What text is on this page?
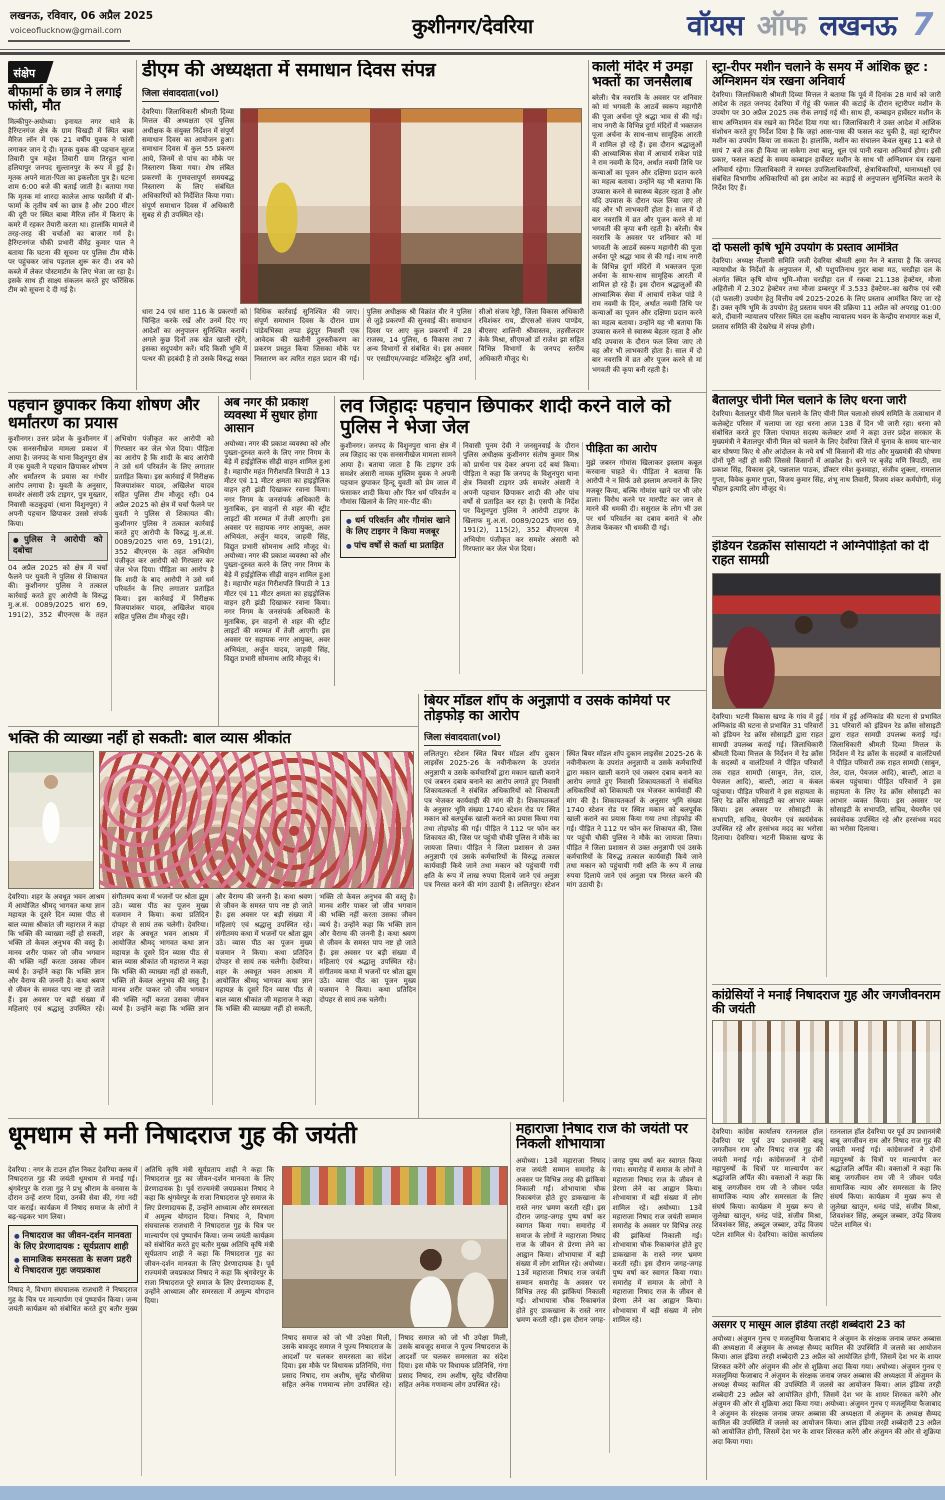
लखनऊ, रविवार, 06 अप्रैल 2025
voiceoflucknow@gmail.com	कुशीनगर/देवरिया	वॉयस ऑफ लखनऊ 7
संक्षेप
बीफार्मा के छात्र ने लगाई फांसी, मौत
मिल्कीपुर-अयोध्या। इनायत नगर थाने के हैरिंग्टनगंज क्षेत्र के ग्राम चिखड़ी में स्थित बाबा मैरिज लॉन में एक 21 वर्षीय युवक ने फांसी लगाकर जान दे दी। मृतक युवक की पहचान सूरज तिवारी पुत्र महेश तिवारी ग्राम तिरहुत थाना हलियापुर जनपद सुल्तानपुर के रूप में हुई है। मृतक अपने माता-पिता का इकलौता पुत्र है। घटना शाम 6:00 बजे की बताई जाती है। बताया गया कि मृतक मां शारदा कालेज आफ फार्मेसी में बी-फार्मा के तृतीय वर्ष का छात्र है और 200 मीटर की दूरी पर स्थित बाबा मैरिज लॉन में किराए के कमरे में रहकर तैयारी करता था। हालांकि मामले में तरह-तरह की चर्चाओं का बाजार गर्म है। हैरिंग्टनगंज चौकी प्रभारी वीरेंद्र कुमार पाल ने बताया कि घटना की सूचना पर पुलिस टीम मौके पर पहुंचकर जांच पड़ताल शुरू कर दी। शव को कब्जे में लेकर पोस्टमार्टम के लिए भेजा जा रहा है। इसके साथ ही साक्ष्य संकलन करते हुए फॉरेंसिक टीम को सूचना दे दी गई है।
डीएम की अध्यक्षता में समाधान दिवस संपन्न
जिला संवाददाता(vol)
देवरिया। जिलाधिकारी श्रीमती दिव्या मित्तल की अध्यक्षता एवं पुलिस अधीक्षक के संयुक्त निर्देशन में संपूर्ण समाधान दिवस का आयोजन हुआ। समाधान दिवस में कुल 55 प्रकरण आये, जिनमें से पांच का मौके पर निस्तारण किया गया। शेष लंबित प्रकरणों के गुणवत्तापूर्ण समयबद्ध निस्तारण के लिए संबंधित अधिकारियों को निर्देशित किया गया। संपूर्ण समाधान दिवस में अधिकारी सुबह से ही उपस्थित रहे।
धारा 24 एवं धारा 116 के प्रकरणों को चिन्हित करके रखें और उनमें दिए गए आदेशों का अनुपालन सुनिश्चित करायें। अगले कुछ दिनों तक खेत खाली रहेंगे, इसका सदुपयोग करें। यदि किसी भूमि में पत्थर की हदबंदी है तो उसके विरुद्ध सख्त विधिक कार्रवाई सुनिश्चित की जाए। संपूर्ण समाधान दिवस के दौरान ग्राम पांडेयभिस्वा तप्पा इंदुपुर निवासी एक आवेदक की खतौनी दुरुस्तीकरण का प्रकरण प्रस्तुत किया जिसका मौके पर निस्तारण कर त्वरित राहत प्रदान की गई। पुलिस अधीक्षक श्री विक्रांत वीर ने पुलिस से जुड़े प्रकरणों की सुनवाई की। समाधान दिवस पर आए कुल प्रकरणों में 28 राजस्व, 14 पुलिस, 6 विकास तथा 7 अन्य विभागों से संबंधित थे। इस अवसर पर एसडीएम/ज्वाइंट मजिस्ट्रेट श्रुति शर्मा, सीओ संजय रेड्डी, जिला विकास अधिकारी रविशंकर राय, डीएसओ संजय पाण्डेय, बीएसए शालिनी श्रीवास्तव, तहसीलदार केके मिश्रा, सीएमओ डॉ राजेश झा सहित विभिन्न विभागों के जनपद स्तरीय अधिकारी मौजूद थे।
काली मंदिर में उमड़ा भक्तों का जनसैलाब
बरेली। चैत्र नवरात्रि के अवसर पर शनिवार को मां भगवती के आठवें स्वरूप महागौरी की पूजा अर्चना पूरे श्रद्धा भाव से की गई। नाथ नगरी के विभिन्न दुर्गा मंदिरों में भक्तजन पूजा अर्चना के साथ-साथ सामूहिक आरती में शामिल हो रहे हैं। इस दौरान श्रद्धालुओं की आध्यात्मिक सेवा में आचार्य राकेश पांडे ने राम नवमी के दिन, अर्थात नवमी तिथि पर कन्याओं का पूजन और दक्षिणा प्रदान करने का महत्व बताया। उन्होंने यह भी बताया कि उपवास करने से स्वास्थ्य बेहतर रहता है और यदि उपवास के दौरान फल लिया जाए तो वह और भी लाभकारी होता है। साल में दो बार नवरात्रि में व्रत और पूजन करने से मां भगवती की कृपा बनी रहती है। बरेली। चैत्र नवरात्रि के अवसर पर शनिवार को मां भगवती के आठवें स्वरूप महागौरी की पूजा अर्चना पूरे श्रद्धा भाव से की गई। नाथ नगरी के विभिन्न दुर्गा मंदिरों में भक्तजन पूजा अर्चना के साथ-साथ सामूहिक आरती में शामिल हो रहे हैं। इस दौरान श्रद्धालुओं की आध्यात्मिक सेवा में आचार्य राकेश पांडे ने राम नवमी के दिन, अर्थात नवमी तिथि पर कन्याओं का पूजन और दक्षिणा प्रदान करने का महत्व बताया। उन्होंने यह भी बताया कि उपवास करने से स्वास्थ्य बेहतर रहता है और यदि उपवास के दौरान फल लिया जाए तो वह और भी लाभकारी होता है। साल में दो बार नवरात्रि में व्रत और पूजन करने से मां भगवती की कृपा बनी रहती है।
स्ट्रा-रीपर मशीन चलाने के समय में आंशिक छूट : अग्निशमन यंत्र रखना अनिवार्य
देवरिया। जिलाधिकारी श्रीमती दिव्या मित्तल ने बताया कि पूर्व में दिनांक 28 मार्च को जारी आदेश के तहत जनपद देवरिया में गेहूं की फसल की कटाई के दौरान स्ट्रारीपर मशीन के उपयोग पर 30 अप्रैल 2025 तक रोक लगाई गई थी। साथ ही, कम्बाइन हार्वेस्टर मशीन के साथ अग्निशमन यंत्र रखने का निर्देश दिया गया था। जिलाधिकारी ने उक्त आदेश में आंशिक संशोधन करते हुए निर्देश दिया है कि जहां आस-पास की फसल कट चुकी है, वहां स्ट्रारीपर मशीन का उपयोग किया जा सकता है। हालांकि, मशीन का संचालन केवल सुबह 11 बजे से सायं 7 बजे तक ही किया जा सकेगा तथा बालू, धूल एवं पानी रखना अनिवार्य होगा। इसी प्रकार, फसल कटाई के समय कम्बाइन हार्वेस्टर मशीन के साथ भी अग्निशमन यंत्र रखना अनिवार्य रहेगा। जिलाधिकारी ने समस्त उपजिलाधिकारियों, क्षेत्राधिकारियों, थानाध्यक्षों एवं संबंधित विभागीय अधिकारियों को इस आदेश का कड़ाई से अनुपालन सुनिश्चित कराने के निर्देश दिए हैं।
दो फसली कृषि भूमि उपयोग के प्रस्ताव आमंत्रित
देवरिया। अध्यक्ष नीलामी समिति जजी देवरिया श्रीमती क्षमा नैन ने बताया है कि जनपद न्यायाधीश के निर्देशों के अनुपालन में, श्री पशुपतिनाथ गुदर बाबा मठ, चरडीहा दल के अंतर्गत स्थित कृषि योग्य भूमि–मौजा चरडीहा दल में रकबा 21.138 हेक्टेयर, मौजा अहिरौली में 2.302 हेक्टेयर तथा मौजा डम्बरपुर में 3.533 हेक्टेयर–का खरीफ एवं रबी (दो फसली) उपयोग हेतु वित्तीय वर्ष 2025-2026 के लिए प्रस्ताव आमंत्रित किए जा रहे हैं। उक्त कृषि भूमि के उपयोग हेतु प्रस्ताव चयन की प्रक्रिया 11 अप्रैल को अपराह्न 01:00 बजे, दीवानी न्यायालय परिसर स्थित दस कक्षीय न्यायालय भवन के केन्द्रीय सभागार कक्ष में, प्रस्ताव समिति की देखरेख में संपन्न होगी।
बैतालपुर चीनी मिल चलाने के लिए धरना जारी
देवरिया। बैतालपुर चीनी मिल चलाने के लिए चीनी मिल चलाओ संघर्ष समिति के तत्वाधान में कलेक्ट्रेट परिसर में चलाया जा रहा धरना आज 138 वें दिन भी जारी रहा। धरना को संबोधित करते हुए जिला पंचायत सदस्य कलेक्टर शर्मा ने कहा उत्तर प्रदेश सरकार के मुख्यमंत्री ने बैतालपुर चीनी मिल को चलाने के लिए देवरिया जिले में चुनाव के समय चार-चार बार घोषणा किए थे और आंदोलन के नये वर्ष भी किसानों की गांठ और मुख्यमंत्री की घोषणा दोनों पूरी नहीं हो सकी जिससे किसानों में आक्रोश है। धरने पर बृजेंद्र मणि त्रिपाठी, राम प्रकाश सिंह, विकास दुबे, पन्नालाल पाठक, डॉक्टर रमेश कुशवाहा, संजीव शुक्ला, रामलाल गुप्ता, विवेक कुमार गुप्ता, विजय कुमार सिंह, शंभू नाथ तिवारी, विजय शंकर कर्मयोगी, मंजू चौहान इत्यादि लोग मौजूद थे।
इंडियन रेडक्रॉस सोसायटी ने अग्निपीड़ितों को दी राहत सामग्री
देवरिया। भटनी विकास खण्ड के गांव में हुई अग्निकांड की घटना से प्रभावित 31 परिवारों को इंडियन रेड क्रॉस सोसाइटी द्वारा राहत सामग्री उपलब्ध कराई गई। जिलाधिकारी श्रीमती दिव्या मित्तल के निर्देशन में रेड क्रॉस के सदस्यों व वालंटियर्स ने पीड़ित परिवारों तक राहत सामग्री (साबुन, तेल, दाल, पेयजल आदि), बाल्टी, आटा व कंबल पहुंचाया। पीड़ित परिवारों ने इस सहायता के लिए रेड क्रॉस सोसाइटी का आभार व्यक्त किया। इस अवसर पर सोसाइटी के सभापति, सचिव, चेयरमैन एवं स्वयंसेवक उपस्थित रहे और हरसंभव मदद का भरोसा दिलाया। देवरिया। भटनी विकास खण्ड के गांव में हुई अग्निकांड की घटना से प्रभावित 31 परिवारों को इंडियन रेड क्रॉस सोसाइटी द्वारा राहत सामग्री उपलब्ध कराई गई। जिलाधिकारी श्रीमती दिव्या मित्तल के निर्देशन में रेड क्रॉस के सदस्यों व वालंटियर्स ने पीड़ित परिवारों तक राहत सामग्री (साबुन, तेल, दाल, पेयजल आदि), बाल्टी, आटा व कंबल पहुंचाया। पीड़ित परिवारों ने इस सहायता के लिए रेड क्रॉस सोसाइटी का आभार व्यक्त किया। इस अवसर पर सोसाइटी के सभापति, सचिव, चेयरमैन एवं स्वयंसेवक उपस्थित रहे और हरसंभव मदद का भरोसा दिलाया।
कांग्रेसियों ने मनाई निषादराज गुह और जगजीवनराम की जयंती
देवरिया। कांग्रेस कार्यालय रतनलाल हॉल देवरिया पर पूर्व उप प्रधानमंत्री बाबू जगजीवन राम और निषाद राज गुह की जयंती मनाई गई। कांग्रेसजनों ने दोनों महापुरुषों के चित्रों पर माल्यार्पण कर श्रद्धांजलि अर्पित की। वक्ताओं ने कहा कि बाबू जगजीवन राम जी ने जीवन पर्यंत सामाजिक न्याय और समरसता के लिए संघर्ष किया। कार्यक्रम में मुख्य रूप से जुलेखा खातून, धनंद्र पांडे, संजीव मिश्रा, शिवशंकर सिंह, अब्दुल जब्बार, उपेंद्र विजय पटेल शामिल थे। देवरिया। कांग्रेस कार्यालय रतनलाल हॉल देवरिया पर पूर्व उप प्रधानमंत्री बाबू जगजीवन राम और निषाद राज गुह की जयंती मनाई गई। कांग्रेसजनों ने दोनों महापुरुषों के चित्रों पर माल्यार्पण कर श्रद्धांजलि अर्पित की। वक्ताओं ने कहा कि बाबू जगजीवन राम जी ने जीवन पर्यंत सामाजिक न्याय और समरसता के लिए संघर्ष किया। कार्यक्रम में मुख्य रूप से जुलेखा खातून, धनंद्र पांडे, संजीव मिश्रा, शिवशंकर सिंह, अब्दुल जब्बार, उपेंद्र विजय पटेल शामिल थे।
असगर ए मासूम आल इंडिया तरही शब्बेदारी 23 को
अयोध्या। अंजुमन गुनच ए मजलूमिया फैजाबाद ने अंजुमन के संरक्षक जनाब जफर अब्बास की अध्यक्षता में अंजुमन के अध्यक्ष सैय्यद कामिल की उपस्थिति में जलसे का आयोजन किया। आल इंडिया तरही शब्बेदारी 23 अप्रैल को आयोजित होगी, जिसमें देश भर के शायर शिरकत करेंगे और अंजुमन की ओर से शुक्रिया अदा किया गया। अयोध्या। अंजुमन गुनच ए मजलूमिया फैजाबाद ने अंजुमन के संरक्षक जनाब जफर अब्बास की अध्यक्षता में अंजुमन के अध्यक्ष सैय्यद कामिल की उपस्थिति में जलसे का आयोजन किया। आल इंडिया तरही शब्बेदारी 23 अप्रैल को आयोजित होगी, जिसमें देश भर के शायर शिरकत करेंगे और अंजुमन की ओर से शुक्रिया अदा किया गया। अयोध्या। अंजुमन गुनच ए मजलूमिया फैजाबाद ने अंजुमन के संरक्षक जनाब जफर अब्बास की अध्यक्षता में अंजुमन के अध्यक्ष सैय्यद कामिल की उपस्थिति में जलसे का आयोजन किया। आल इंडिया तरही शब्बेदारी 23 अप्रैल को आयोजित होगी, जिसमें देश भर के शायर शिरकत करेंगे और अंजुमन की ओर से शुक्रिया अदा किया गया।
पहचान छुपाकर किया शोषण और धर्मांतरण का प्रयास

कुशीनगर। उत्तर प्रदेश के कुशीनगर में एक सनसनीखेज मामला प्रकाश में आया है। जनपद के थाना विशुनपुरा क्षेत्र में एक युवती ने पहचान छिपाकर शोषण और धर्मांतरण के प्रयास का गंभीर आरोप लगाया है। युवती के अनुसार, समशेर अंसारी उर्फ टाइगर, पुत्र मुख्तार, निवासी कठकुइयां (थाना विशुनपुरा) ने अपनी पहचान छिपाकर उससे संपर्क किया।

● पुलिस ने आरोपी को दबोचा

04 अप्रैल 2025 को क्षेत्र में चर्चा फैलने पर युवती ने पुलिस से शिकायत की। कुशीनगर पुलिस ने तत्काल कार्रवाई करते हुए आरोपी के विरुद्ध मु.अ.सं. 0089/2025 धारा 69, 191(2), 352 बीएनएस के तहत अभियोग पंजीकृत कर आरोपी को गिरफ्तार कर जेल भेज दिया। पीड़िता का आरोप है कि शादी के बाद आरोपी ने उसे धर्म परिवर्तन के लिए लगातार प्रताड़ित किया। इस कार्रवाई में निरीक्षक विजयाशंकर यादव, अखिलेश यादव सहित पुलिस टीम मौजूद रही। 04 अप्रैल 2025 को क्षेत्र में चर्चा फैलने पर युवती ने पुलिस से शिकायत की। कुशीनगर पुलिस ने तत्काल कार्रवाई करते हुए आरोपी के विरुद्ध मु.अ.सं. 0089/2025 धारा 69, 191(2), 352 बीएनएस के तहत अभियोग पंजीकृत कर आरोपी को गिरफ्तार कर जेल भेज दिया। पीड़िता का आरोप है कि शादी के बाद आरोपी ने उसे धर्म परिवर्तन के लिए लगातार प्रताड़ित किया। इस कार्रवाई में निरीक्षक विजयाशंकर यादव, अखिलेश यादव सहित पुलिस टीम मौजूद रही।

अब नगर की प्रकाश व्यवस्था में सुधार होगा आसान
अयोध्या। नगर की प्रकाश व्यवस्था को और पुख्ता-दुरुस्त करने के लिए नगर निगम के बेड़े में हाईड्रोलिक सीढ़ी वाहन शामिल हुआ है। महापौर महंत गिरीशपति त्रिपाठी ने 13 मीटर एवं 11 मीटर क्षमता का हाइड्रोलिक वाहन हरी झंडी दिखाकर रवाना किया। नगर निगम के जनसंपर्क अधिकारी के मुताबिक, इन वाहनों से शहर की स्ट्रीट लाइटों की मरम्मत में तेजी आएगी। इस अवसर पर सहायक नगर आयुक्त, अवर अभियंता, अर्जुन यादव, जाहवी सिंह, विद्युत प्रभारी सोमनाथ आदि मौजूद थे। अयोध्या। नगर की प्रकाश व्यवस्था को और पुख्ता-दुरुस्त करने के लिए नगर निगम के बेड़े में हाईड्रोलिक सीढ़ी वाहन शामिल हुआ है। महापौर महंत गिरीशपति त्रिपाठी ने 13 मीटर एवं 11 मीटर क्षमता का हाइड्रोलिक वाहन हरी झंडी दिखाकर रवाना किया। नगर निगम के जनसंपर्क अधिकारी के मुताबिक, इन वाहनों से शहर की स्ट्रीट लाइटों की मरम्मत में तेजी आएगी। इस अवसर पर सहायक नगर आयुक्त, अवर अभियंता, अर्जुन यादव, जाहवी सिंह, विद्युत प्रभारी सोमनाथ आदि मौजूद थे।
लव जिहादः पहचान छिपाकर शादी करने वाले को पुलिस ने भेजा जेल

कुशीनगर। जनपद के विशुनपुरा थाना क्षेत्र में लव जिहाद का एक सनसनीखेज मामला सामने आया है। बताया जाता है कि टाइगर उर्फ समशेर अंसारी नामक मुस्लिम युवक ने अपनी पहचान छुपाकर हिन्दू युवती को प्रेम जाल में फंसाकर शादी किया और फिर धर्म परिवर्तन व गौमांस खिलाने के लिए मार-पीट की।

● धर्म परिवर्तन और गौमांस खाने के लिए टाइगर ने किया मजबूर
● पांच वर्षों से कर्ता था प्रताड़ित

निवासी पूनम देवी ने जनसुनवाई के दौरान पुलिस अधीक्षक कुशीनगर संतोष कुमार मिश्र को प्रार्थना पत्र देकर अपना दर्द बयां किया। पीड़िता ने कहा कि जनपद के विशुनपुरा थाना क्षेत्र निवासी टाइगर उर्फ समशेर अंसारी ने अपनी पहचान छिपाकर शादी की और पांच वर्षों से प्रताड़ित कर रहा है। एसपी के निर्देश पर विशुनपुरा पुलिस ने आरोपी टाइगर के खिलाफ मु.अ.सं. 0089/2025 धारा 69, 191(2), 115(2), 352 बीएनएस में अभियोग पंजीकृत कर समशेर अंसारी को गिरफ्तार कर जेल भेज दिया।

पीड़िता का आरोप

मुझे जबरन गोमांस खिलाकर इस्लाम कबूल करवाना चाहते थे। पीड़िता ने बताया कि आरोपी ने न सिर्फ उसे इस्लाम अपनाने के लिए मजबूर किया, बल्कि गोमांस खाने पर भी जोर डाला। विरोध करने पर मारपीट कर जान से मारने की धमकी दी। ससुराल के लोग भी उस पर धर्म परिवर्तन का दबाव बनाते थे और तेजाब फेंककर भी धमकी दी गई।

भक्ति की व्याख्या नहीं हो सकती: बाल व्यास श्रीकांत
देवरिया। शहर के अवधूत भवन आश्रम में आयोजित श्रीमद् भागवत कथा ज्ञान महायज्ञ के दूसरे दिन व्यास पीठ से बाल व्यास श्रीकांत जी महाराज ने कहा कि भक्ति की व्याख्या नहीं हो सकती, भक्ति तो केवल अनुभव की वस्तु है। मानव शरीर पाकर जो जीव भगवान की भक्ति नहीं करता उसका जीवन व्यर्थ है। उन्होंने कहा कि भक्ति ज्ञान और वैराग्य की जननी है। कथा श्रवण से जीवन के समस्त पाप नष्ट हो जाते हैं। इस अवसर पर बड़ी संख्या में महिलाएं एवं श्रद्धालु उपस्थित रहे। संगीतमय कथा में भजनों पर श्रोता झूम उठे। व्यास पीठ का पूजन मुख्य यजमान ने किया। कथा प्रतिदिन दोपहर से सायं तक चलेगी। देवरिया। शहर के अवधूत भवन आश्रम में आयोजित श्रीमद् भागवत कथा ज्ञान महायज्ञ के दूसरे दिन व्यास पीठ से बाल व्यास श्रीकांत जी महाराज ने कहा कि भक्ति की व्याख्या नहीं हो सकती, भक्ति तो केवल अनुभव की वस्तु है। मानव शरीर पाकर जो जीव भगवान की भक्ति नहीं करता उसका जीवन व्यर्थ है। उन्होंने कहा कि भक्ति ज्ञान और वैराग्य की जननी है। कथा श्रवण से जीवन के समस्त पाप नष्ट हो जाते हैं। इस अवसर पर बड़ी संख्या में महिलाएं एवं श्रद्धालु उपस्थित रहे। संगीतमय कथा में भजनों पर श्रोता झूम उठे। व्यास पीठ का पूजन मुख्य यजमान ने किया। कथा प्रतिदिन दोपहर से सायं तक चलेगी। देवरिया। शहर के अवधूत भवन आश्रम में आयोजित श्रीमद् भागवत कथा ज्ञान महायज्ञ के दूसरे दिन व्यास पीठ से बाल व्यास श्रीकांत जी महाराज ने कहा कि भक्ति की व्याख्या नहीं हो सकती, भक्ति तो केवल अनुभव की वस्तु है। मानव शरीर पाकर जो जीव भगवान की भक्ति नहीं करता उसका जीवन व्यर्थ है। उन्होंने कहा कि भक्ति ज्ञान और वैराग्य की जननी है। कथा श्रवण से जीवन के समस्त पाप नष्ट हो जाते हैं। इस अवसर पर बड़ी संख्या में महिलाएं एवं श्रद्धालु उपस्थित रहे। संगीतमय कथा में भजनों पर श्रोता झूम उठे। व्यास पीठ का पूजन मुख्य यजमान ने किया। कथा प्रतिदिन दोपहर से सायं तक चलेगी।
बियर मॉडल शॉप के अनुज्ञापी व उसके कर्मियों पर तोड़फोड़ का आरोप
जिला संवाददाता(vol)
ललितपुर। स्टेशन स्थित बियर मॉडल शॉप दुकान लाइसेंस 2025-26 के नवीनीकरण के उपरांत अनुज्ञापी व उसके कर्मचारियों द्वारा मकान खाली कराने एवं जबरन दबाव बनाने का आरोप लगाते हुए निवासी शिकायतकर्ता ने संबंधित अधिकारियों को शिकायती पत्र भेजकर कार्यवाही की मांग की है। शिकायतकर्ता के अनुसार भूमि संख्या 1740 स्टेशन रोड पर स्थित मकान को बलपूर्वक खाली कराने का प्रयास किया गया तथा तोड़फोड़ की गई। पीड़ित ने 112 पर फोन कर शिकायत की, जिस पर पहुंची चौकी पुलिस ने मौके का जायजा लिया। पीड़ित ने जिला प्रशासन से उक्त अनुज्ञापी एवं उसके कर्मचारियों के विरुद्ध तत्काल कार्यवाही किये जाने तथा मकान को पहुंचायी गयी क्षति के रूप में लाख रुपया दिलाये जाने एवं अनुज्ञा पत्र निरस्त करने की मांग उठायी है। ललितपुर। स्टेशन स्थित बियर मॉडल शॉप दुकान लाइसेंस 2025-26 के नवीनीकरण के उपरांत अनुज्ञापी व उसके कर्मचारियों द्वारा मकान खाली कराने एवं जबरन दबाव बनाने का आरोप लगाते हुए निवासी शिकायतकर्ता ने संबंधित अधिकारियों को शिकायती पत्र भेजकर कार्यवाही की मांग की है। शिकायतकर्ता के अनुसार भूमि संख्या 1740 स्टेशन रोड पर स्थित मकान को बलपूर्वक खाली कराने का प्रयास किया गया तथा तोड़फोड़ की गई। पीड़ित ने 112 पर फोन कर शिकायत की, जिस पर पहुंची चौकी पुलिस ने मौके का जायजा लिया। पीड़ित ने जिला प्रशासन से उक्त अनुज्ञापी एवं उसके कर्मचारियों के विरुद्ध तत्काल कार्यवाही किये जाने तथा मकान को पहुंचायी गयी क्षति के रूप में लाख रुपया दिलाये जाने एवं अनुज्ञा पत्र निरस्त करने की मांग उठायी है।
धूमधाम से मनी निषादराज गुह की जयंती

देवरिया : नगर के टाउन हॉल निकट देवरिया क्लब में निषादराज गुह की जयंती धूमधाम से मनाई गई। श्रृंगवेरपुर के राजा गुह ने प्रभु श्रीराम के वनवास के दौरान उन्हें शरण दिया, उनकी सेवा की, गंगा नदी पार कराई। कार्यक्रम में निषाद समाज के लोगों ने बढ़-चढ़कर भाग लिया।

● निषादराज का जीवन-दर्शन मानवता के लिए प्रेरणादायक : सूर्यप्रताप शाही
● सामाजिक समरसता के सजग प्रहरी थे निषादराज गुहः जयप्रकाश

निषाद ने, विभाग संघचालक राजधारी ने निषादराज गुह के चित्र पर माल्यार्पण एवं पुष्पार्चन किया। जन्म जयंती कार्यक्रम को संबोधित करते हुए बतौर मुख्य अतिथि कृषि मंत्री सूर्यप्रताप शाही ने कहा कि निषादराज गुह का जीवन-दर्शन मानवता के लिए प्रेरणादायक है। पूर्व राज्यमंत्री जयप्रकाश निषाद ने कहा कि श्रृंगवेरपुर के राजा निषादराज पूरे समाज के लिए प्रेरणादायक हैं, उन्होंने आध्यात्म और समरसता में अमूल्य योगदान दिया। निषाद ने, विभाग संघचालक राजधारी ने निषादराज गुह के चित्र पर माल्यार्पण एवं पुष्पार्चन किया। जन्म जयंती कार्यक्रम को संबोधित करते हुए बतौर मुख्य अतिथि कृषि मंत्री सूर्यप्रताप शाही ने कहा कि निषादराज गुह का जीवन-दर्शन मानवता के लिए प्रेरणादायक है। पूर्व राज्यमंत्री जयप्रकाश निषाद ने कहा कि श्रृंगवेरपुर के राजा निषादराज पूरे समाज के लिए प्रेरणादायक हैं, उन्होंने आध्यात्म और समरसता में अमूल्य योगदान दिया।

निषाद समाज को जो भी उपेक्षा मिली, उसके बावजूद समाज ने पूज्य निषादराज के आदर्शों पर चलकर समरसता का संदेश दिया। इस मौके पर विधायक प्रतिनिधि, गंगा प्रसाद निषाद, राम अशीष, सुरेंद्र चौरसिया सहित अनेक गणमान्य लोग उपस्थित रहे। निषाद समाज को जो भी उपेक्षा मिली, उसके बावजूद समाज ने पूज्य निषादराज के आदर्शों पर चलकर समरसता का संदेश दिया। इस मौके पर विधायक प्रतिनिधि, गंगा प्रसाद निषाद, राम अशीष, सुरेंद्र चौरसिया सहित अनेक गणमान्य लोग उपस्थित रहे।
महाराजा निषाद राज की जयंती पर निकली शोभायात्रा
अयोध्या। 13वें महाराजा निषाद राज जयंती सम्मान समारोह के अवसर पर विभिन्न तरह की झांकियां निकाली गईं। शोभायात्रा चौक रिकाबगंज होते हुए डाकखाना के रास्ते नगर भ्रमण करती रही। इस दौरान जगह-जगह पुष्प वर्षा कर स्वागत किया गया। समारोह में समाज के लोगों ने महाराजा निषाद राज के जीवन से प्रेरणा लेने का आह्वान किया। शोभायात्रा में बड़ी संख्या में लोग शामिल रहे। अयोध्या। 13वें महाराजा निषाद राज जयंती सम्मान समारोह के अवसर पर विभिन्न तरह की झांकियां निकाली गईं। शोभायात्रा चौक रिकाबगंज होते हुए डाकखाना के रास्ते नगर भ्रमण करती रही। इस दौरान जगह-जगह पुष्प वर्षा कर स्वागत किया गया। समारोह में समाज के लोगों ने महाराजा निषाद राज के जीवन से प्रेरणा लेने का आह्वान किया। शोभायात्रा में बड़ी संख्या में लोग शामिल रहे। अयोध्या। 13वें महाराजा निषाद राज जयंती सम्मान समारोह के अवसर पर विभिन्न तरह की झांकियां निकाली गईं। शोभायात्रा चौक रिकाबगंज होते हुए डाकखाना के रास्ते नगर भ्रमण करती रही। इस दौरान जगह-जगह पुष्प वर्षा कर स्वागत किया गया। समारोह में समाज के लोगों ने महाराजा निषाद राज के जीवन से प्रेरणा लेने का आह्वान किया। शोभायात्रा में बड़ी संख्या में लोग शामिल रहे।
